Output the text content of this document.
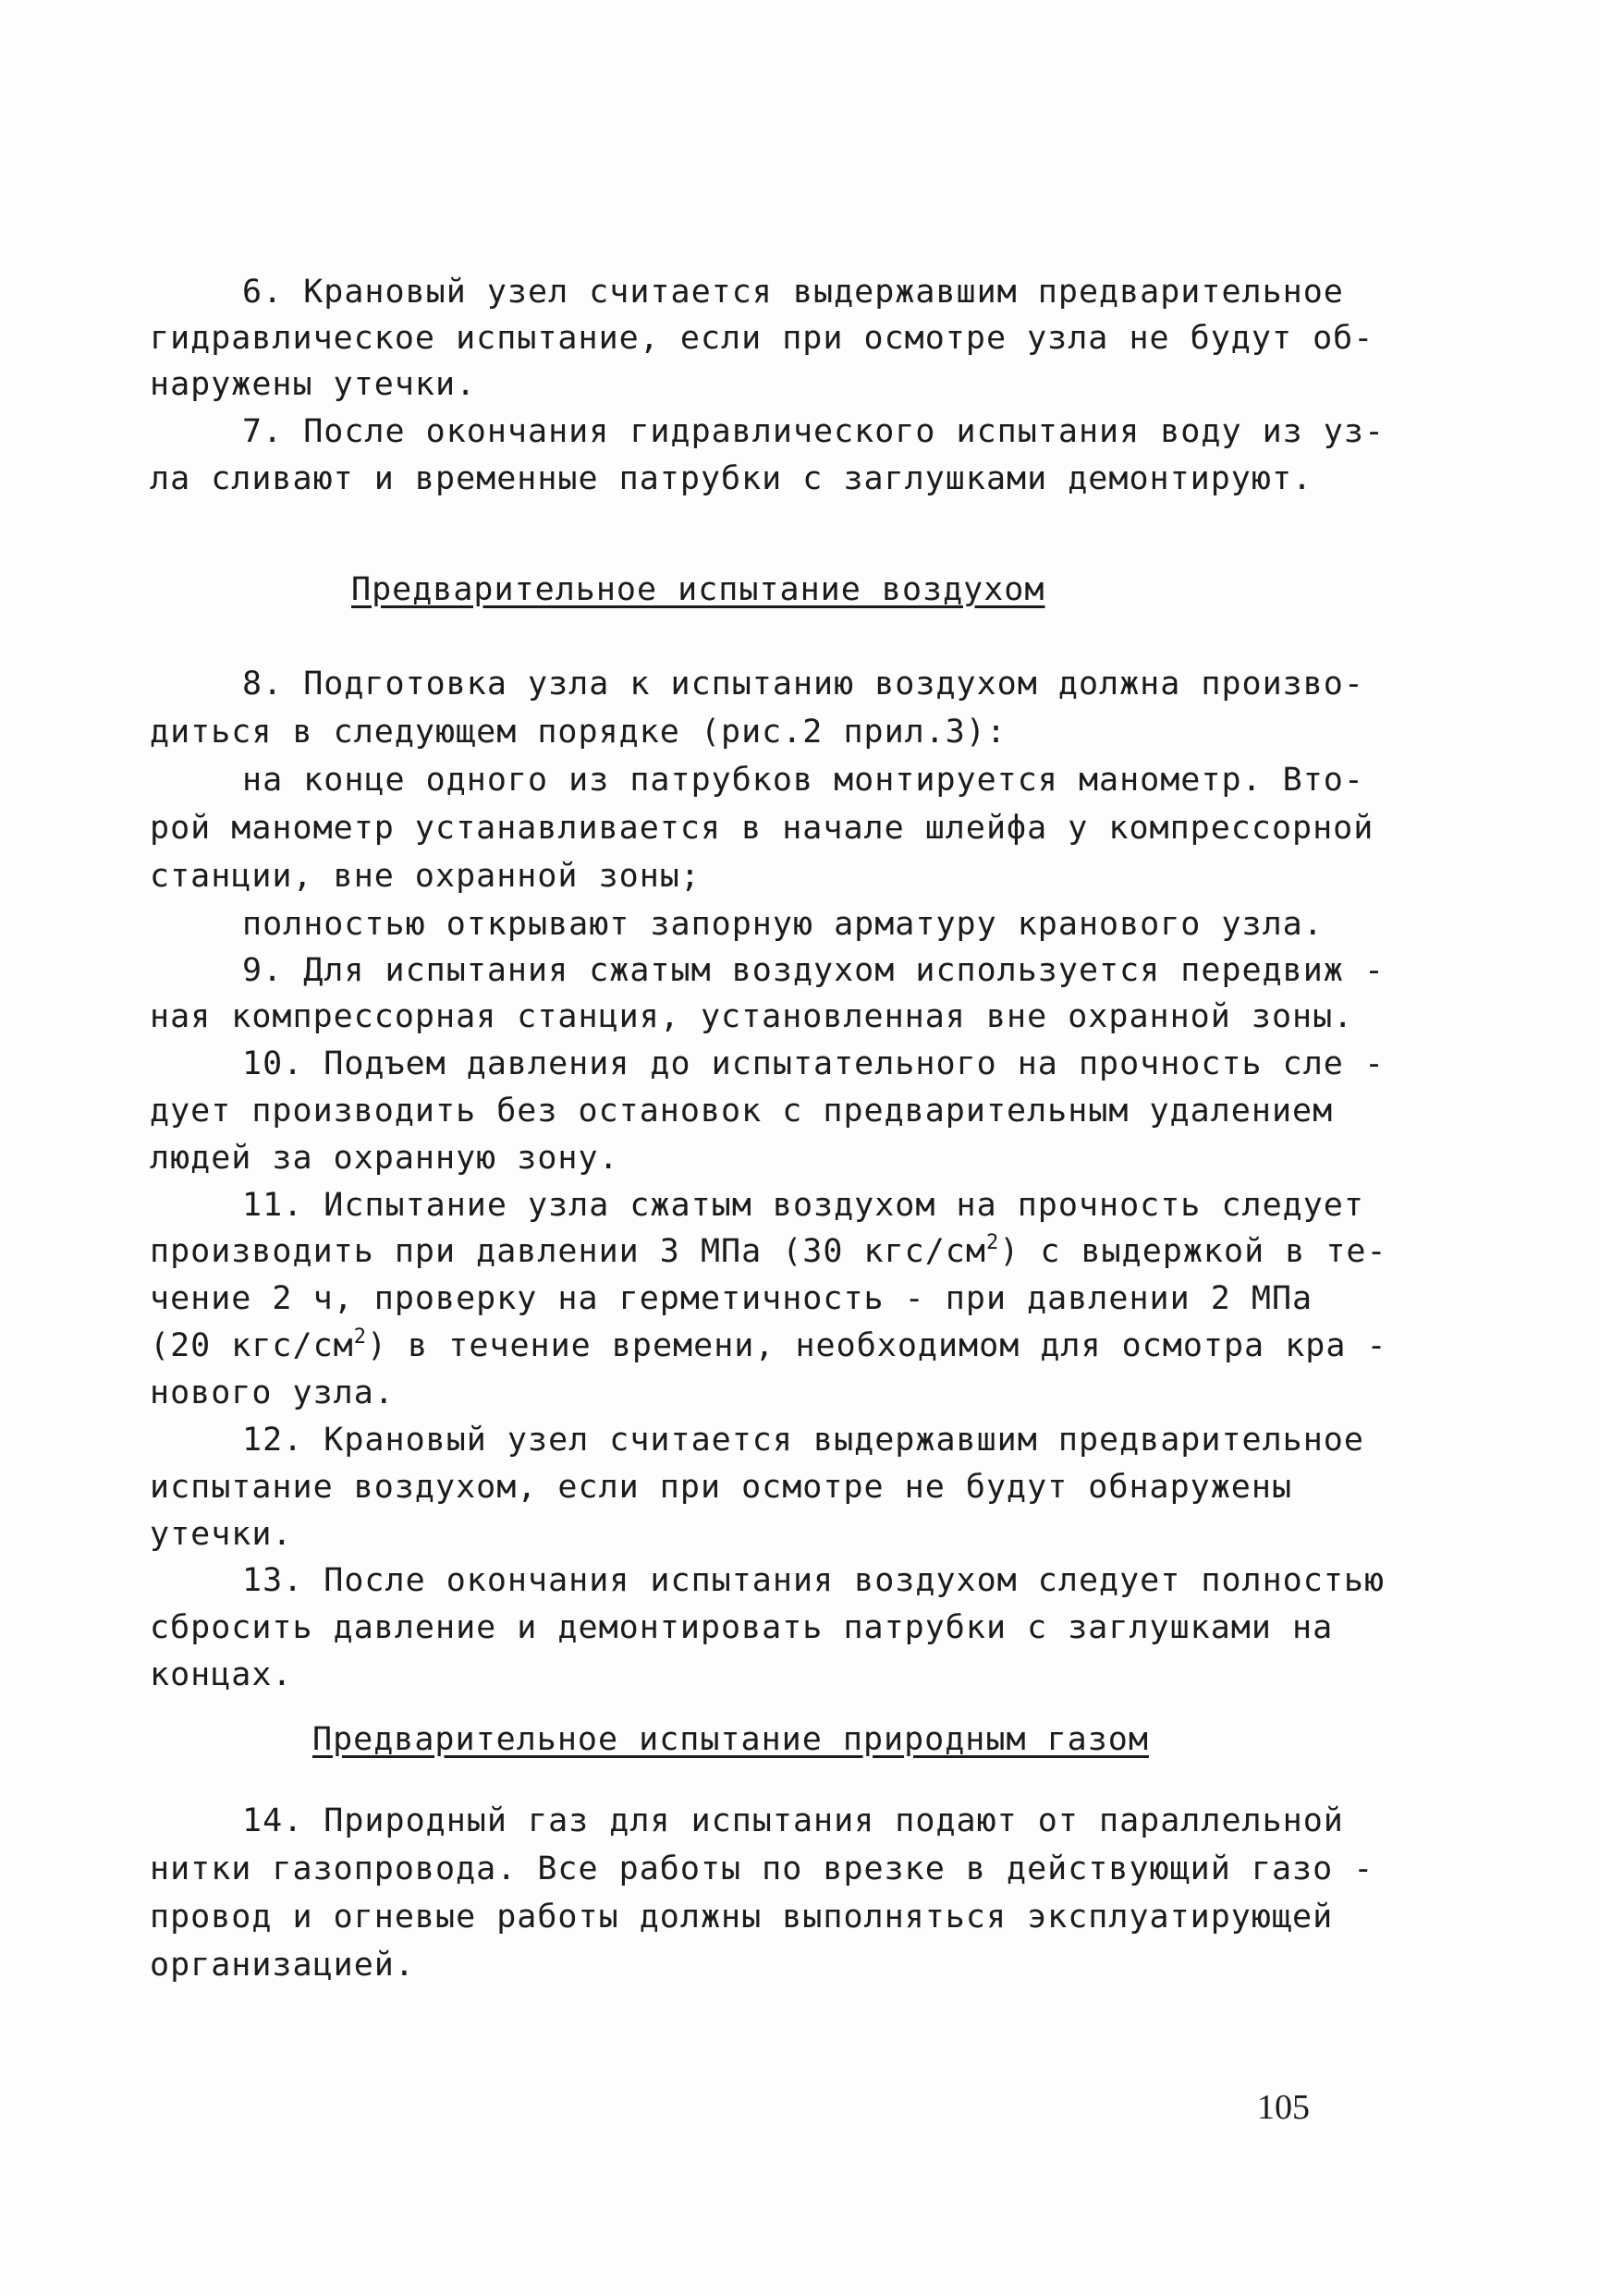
6. Крановый узел считается выдержавшим предварительное
гидравлическое испытание, если при осмотре узла не будут об-
наружены утечки.
7. После окончания гидравлического испытания воду из уз-
ла сливают и временные патрубки с заглушками демонтируют.
Предварительное испытание воздухом
8. Подготовка узла к испытанию воздухом должна произво-
диться в следующем порядке (рис.2 прил.3):
на конце одного из патрубков монтируется манометр. Вто-
рой манометр устанавливается в начале шлейфа у компрессорной
станции, вне охранной зоны;
полностью открывают запорную арматуру кранового узла.
9. Для испытания сжатым воздухом используется передвиж -
ная компрессорная станция, установленная вне охранной зоны.
10. Подъем давления до испытательного на прочность сле -
дует производить без остановок с предварительным удалением
людей за охранную зону.
11. Испытание узла сжатым воздухом на прочность следует
производить при давлении 3 МПа (30 кгс/$см^2$) с выдержкой в те-
чение 2 ч, проверку на герметичность - при давлении 2 МПа
(20 кгс/$см^2$) в течение времени, необходимом для осмотра кра -
нового узла.
12. Крановый узел считается выдержавшим предварительное
испытание воздухом, если при осмотре не будут обнаружены
утечки.
13. После окончания испытания воздухом следует полностью
сбросить давление и демонтировать патрубки с заглушками на
концах.
Предварительное испытание природным газом
14. Природный газ для испытания подают от параллельной
нитки газопровода. Все работы по врезке в действующий газо -
провод и огневые работы должны выполняться эксплуатирующей
организацией.
105
